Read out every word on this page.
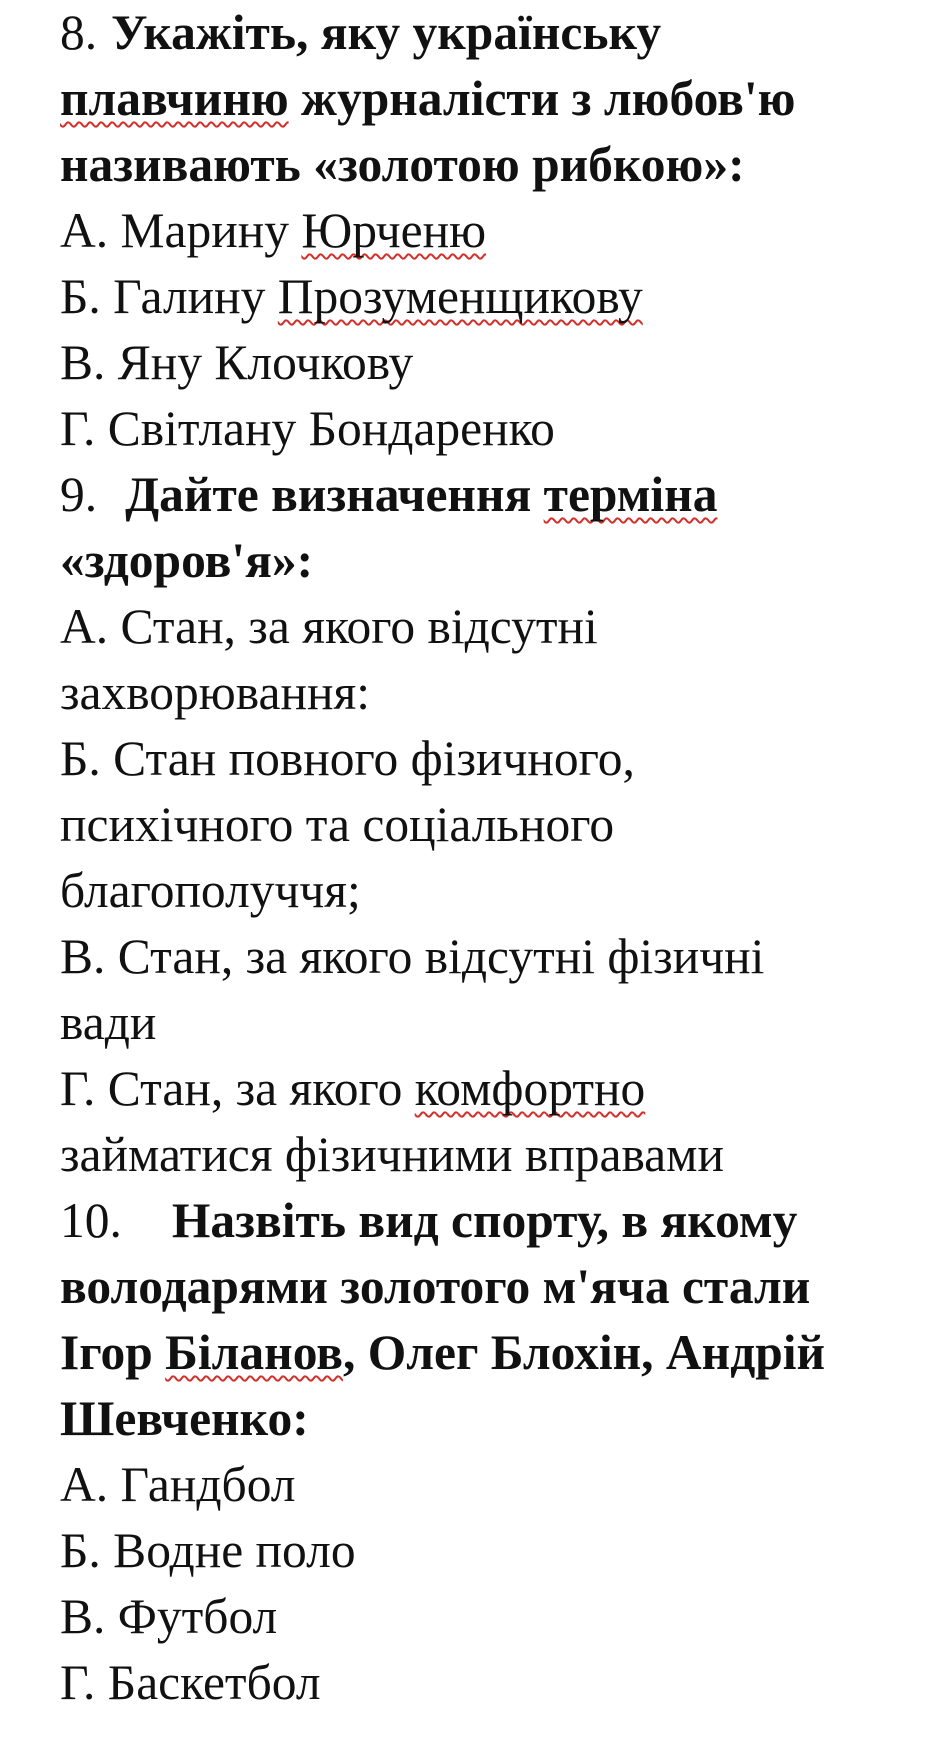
8. Укажіть, яку українську
плавчиню журналісти з любов'ю
називають «золотою рибкою»:
А. Марину Юрченю
Б. Галину Прозуменщикову
В. Яну Клочкову
Г. Світлану Бондаренко
9. Дайте визначення терміна
«здоров'я»:
А. Стан, за якого відсутні
захворювання:
Б. Стан повного фізичного,
психічного та соціального
благополуччя;
В. Стан, за якого відсутні фізичні
вади
Г. Стан, за якого комфортно
займатися фізичними вправами
10. Назвіть вид спорту, в якому
володарями золотого м'яча стали
Ігор Біланов, Олег Блохін, Андрій
Шевченко:
А. Гандбол
Б. Водне поло
В. Футбол
Г. Баскетбол
